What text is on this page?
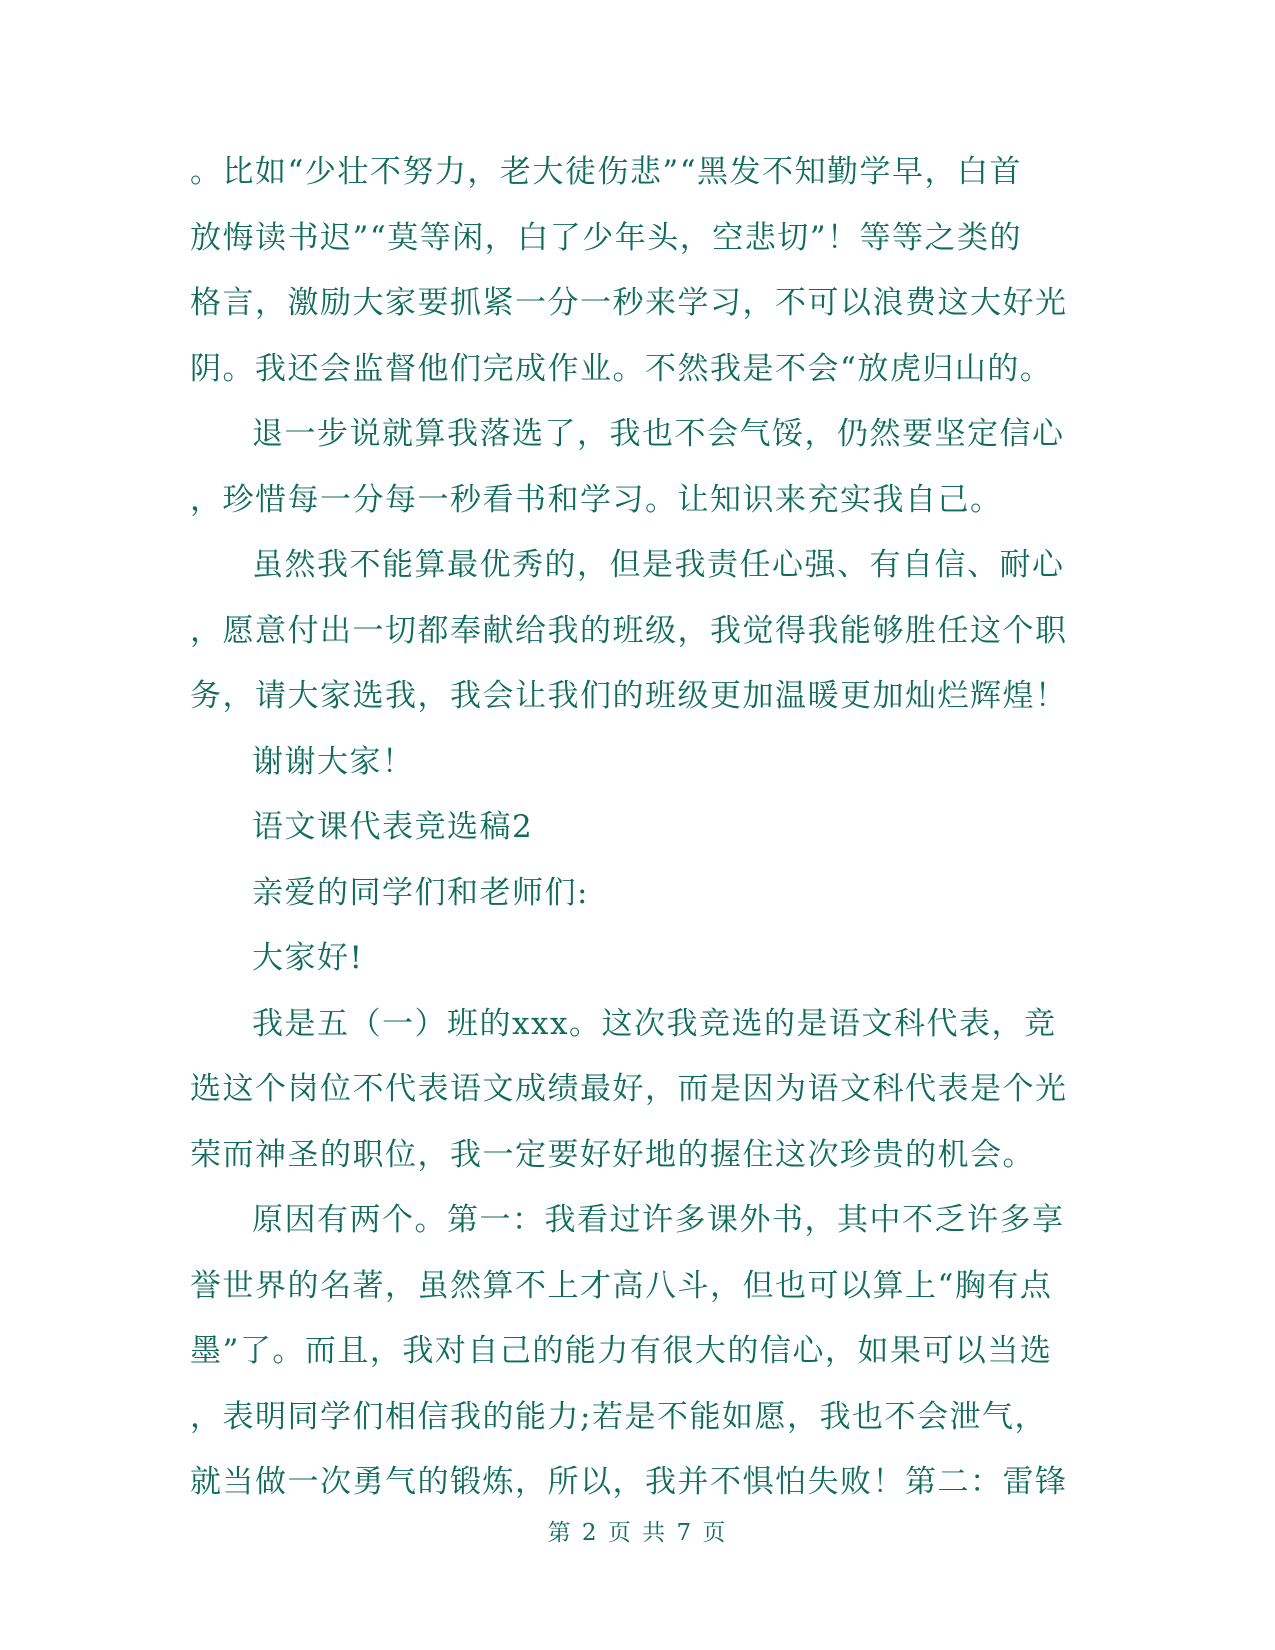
。比如“少壮不努力，老大徒伤悲”“黑发不知勤学早，白首
放悔读书迟”“莫等闲，白了少年头，空悲切”！等等之类的
格言，激励大家要抓紧一分一秒来学习，不可以浪费这大好光
阴。我还会监督他们完成作业。不然我是不会“放虎归山的。
退一步说就算我落选了，我也不会气馁，仍然要坚定信心
，珍惜每一分每一秒看书和学习。让知识来充实我自己。
虽然我不能算最优秀的，但是我责任心强、有自信、耐心
，愿意付出一切都奉献给我的班级，我觉得我能够胜任这个职
务，请大家选我，我会让我们的班级更加温暖更加灿烂辉煌！
谢谢大家！
语文课代表竞选稿2
亲爱的同学们和老师们:
大家好!
我是五（一）班的xxx。这次我竞选的是语文科代表，竞
选这个岗位不代表语文成绩最好，而是因为语文科代表是个光
荣而神圣的职位，我一定要好好地的握住这次珍贵的机会。
原因有两个。第一：我看过许多课外书，其中不乏许多享
誉世界的名著，虽然算不上才高八斗，但也可以算上“胸有点
墨”了。而且，我对自己的能力有很大的信心，如果可以当选
，表明同学们相信我的能力;若是不能如愿，我也不会泄气，
就当做一次勇气的锻炼，所以，我并不惧怕失败！第二：雷锋
第 2 页 共 7 页
